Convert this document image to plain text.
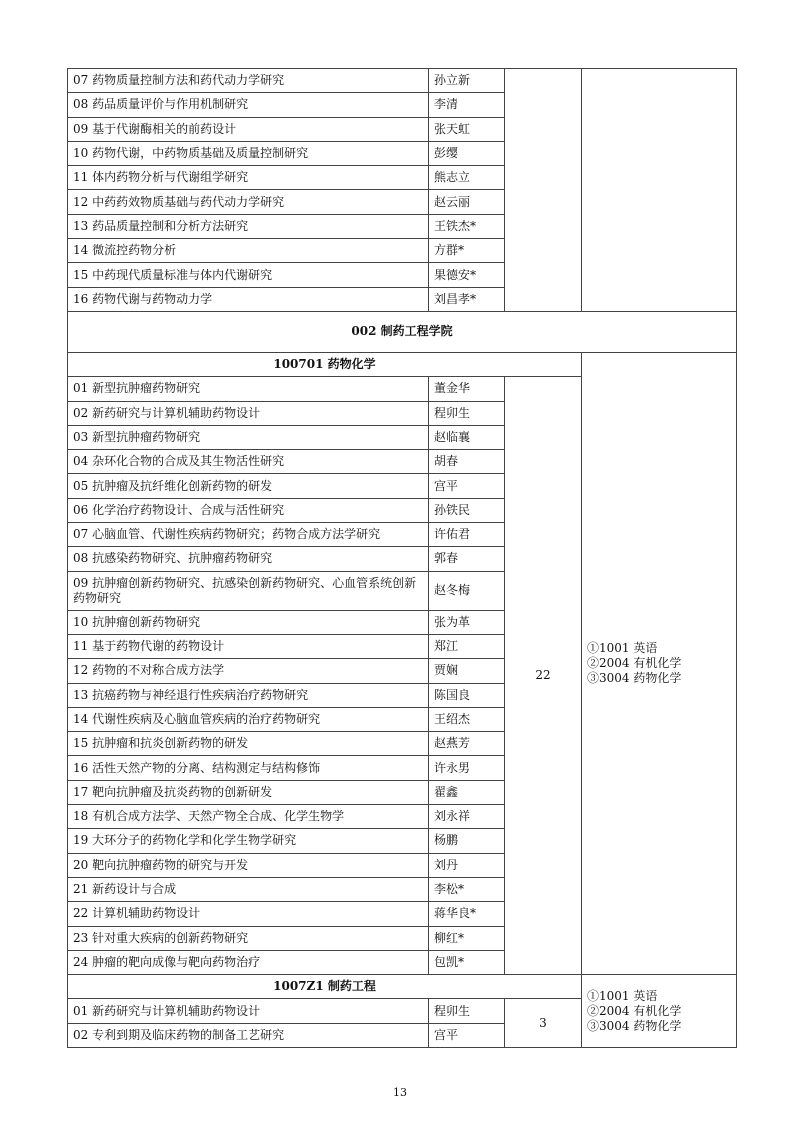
07 药物质量控制方法和药代动力学研究	孙立新		
08 药品质量评价与作用机制研究	李清		
09 基于代谢酶相关的前药设计	张天虹		
10 药物代谢，中药物质基础及质量控制研究	彭缨		
11 体内药物分析与代谢组学研究	熊志立		
12 中药药效物质基础与药代动力学研究	赵云丽		
13 药品质量控制和分析方法研究	王铁杰*		
14 微流控药物分析	方群*		
15 中药现代质量标准与体内代谢研究	果德安*		
16 药物代谢与药物动力学	刘昌孝*		
002 制药工程学院			
100701 药物化学			①1001 英语
②2004 有机化学
③3004 药物化学

01 新型抗肿瘤药物研究	董金华	22	
02 新药研究与计算机辅助药物设计	程卯生		
03 新型抗肿瘤药物研究	赵临襄		
04 杂环化合物的合成及其生物活性研究	胡春		
05 抗肿瘤及抗纤维化创新药物的研发	宫平		
06 化学治疗药物设计、合成与活性研究	孙铁民		
07 心脑血管、代谢性疾病药物研究；药物合成方法学研究	许佑君		
08 抗感染药物研究、抗肿瘤药物研究	郭春		
09 抗肿瘤创新药物研究、抗感染创新药物研究、心血管系统创新药物研究	赵冬梅		
10 抗肿瘤创新药物研究	张为革		
11 基于药物代谢的药物设计	郑江		
12 药物的不对称合成方法学	贾娴		
13 抗癌药物与神经退行性疾病治疗药物研究	陈国良		
14 代谢性疾病及心脑血管疾病的治疗药物研究	王绍杰		
15 抗肿瘤和抗炎创新药物的研发	赵燕芳		
16 活性天然产物的分离、结构测定与结构修饰	许永男		
17 靶向抗肿瘤及抗炎药物的创新研发	翟鑫		
18 有机合成方法学、天然产物全合成、化学生物学	刘永祥		
19 大环分子的药物化学和化学生物学研究	杨鹏		
20 靶向抗肿瘤药物的研究与开发	刘丹		
21 新药设计与合成	李松*		
22 计算机辅助药物设计	蒋华良*		
23 针对重大疾病的创新药物研究	柳红*		
24 肿瘤的靶向成像与靶向药物治疗	包凯*		
1007Z1 制药工程			①1001 英语
②2004 有机化学
③3004 药物化学

01 新药研究与计算机辅助药物设计	程卯生	3	
02 专利到期及临床药物的制备工艺研究	宫平		
13
